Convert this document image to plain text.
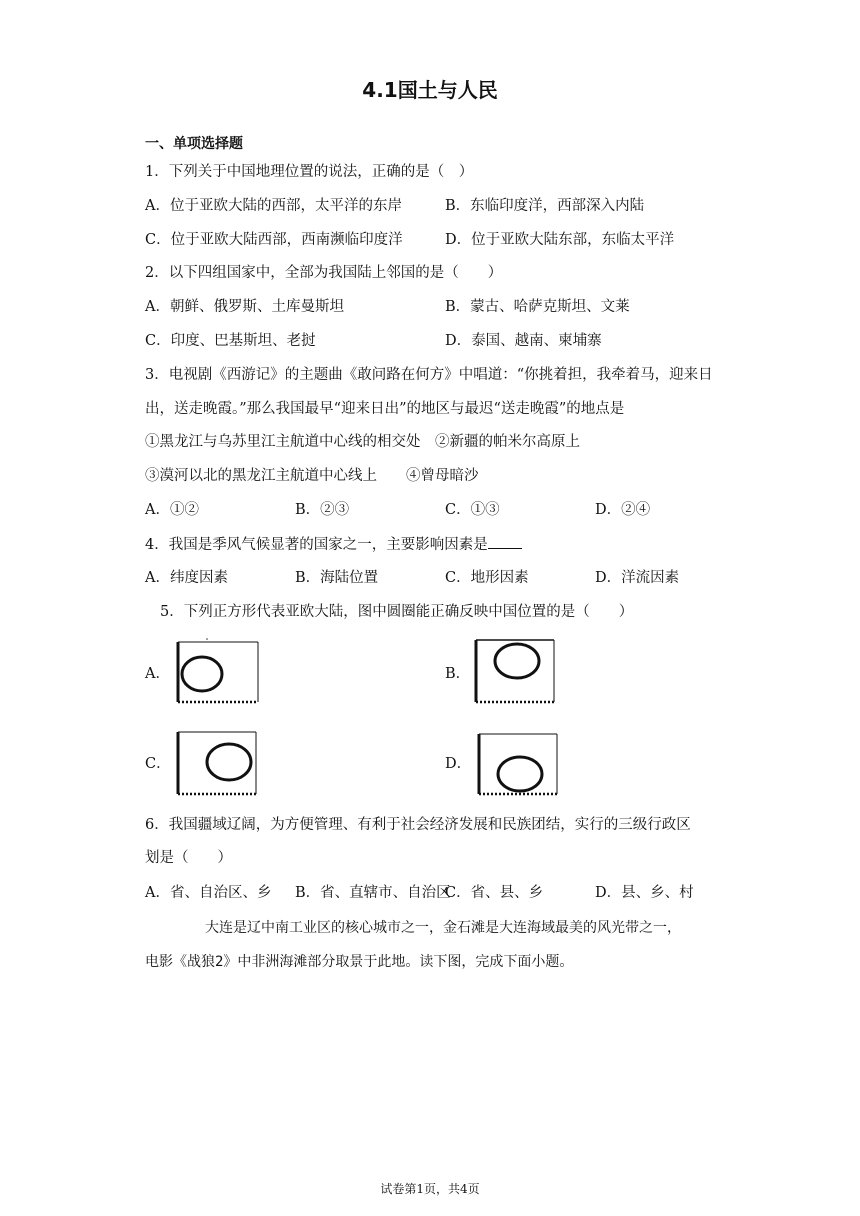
4.1国土与人民
一、单项选择题
1．下列关于中国地理位置的说法，正确的是（　）
A．位于亚欧大陆的西部，太平洋的东岸	B．东临印度洋，西部深入内陆
C．位于亚欧大陆西部，西南濒临印度洋	D．位于亚欧大陆东部，东临太平洋
2．以下四组国家中，全部为我国陆上邻国的是（　　）
A．朝鲜、俄罗斯、土库曼斯坦	B．蒙古、哈萨克斯坦、文莱
C．印度、巴基斯坦、老挝	D．泰国、越南、柬埔寨
3．电视剧《西游记》的主题曲《敢问路在何方》中唱道：“你挑着担，我牵着马，迎来日
出，送走晚霞。”那么我国最早“迎来日出”的地区与最迟“送走晚霞”的地点是
①黑龙江与乌苏里江主航道中心线的相交处　②新疆的帕米尔高原上
③漠河以北的黑龙江主航道中心线上　　④曾母暗沙
A．①②	B．②③	C．①③	D．②④
4．我国是季风气候显著的国家之一，主要影响因素是
A．纬度因素	B．海陆位置	C．地形因素	D．洋流因素
5．下列正方形代表亚欧大陆，图中圆圈能正确反映中国位置的是（　　）
A．	B．
C．	D．
6．我国疆域辽阔，为方便管理、有利于社会经济发展和民族团结，实行的三级行政区
划是（　　）
A．省、自治区、乡 B．省、直辖市、自治区
C．省、县、乡	D．县、乡、村
大连是辽中南工业区的核心城市之一，金石滩是大连海域最美的风光带之一，
电影《战狼2》中非洲海滩部分取景于此地。读下图，完成下面小题。
试卷第1页，共4页
